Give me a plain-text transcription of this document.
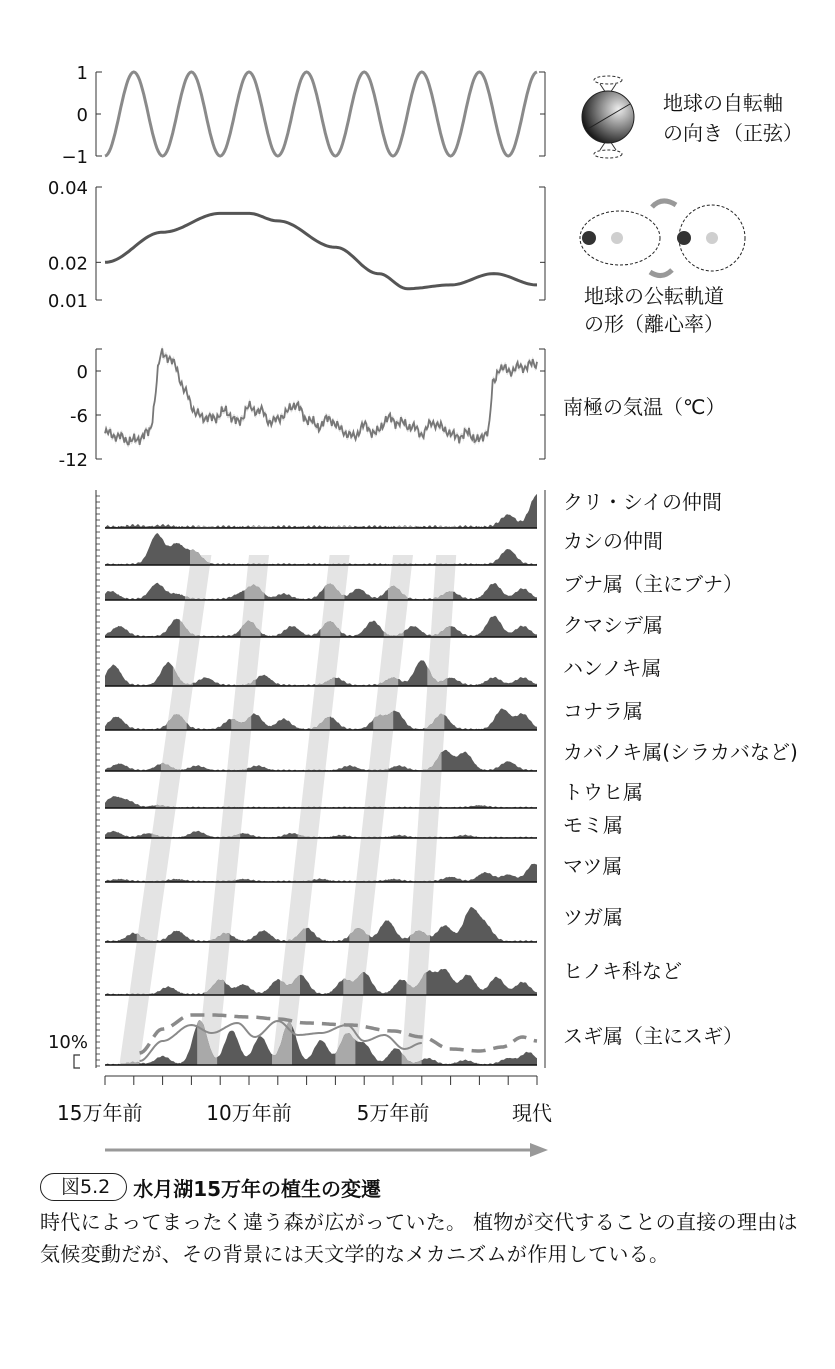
1
0
−1
地球の自転軸
の向き（正弦）
0.04
0.02
0.01	地球の公転軌道
の形（離心率）
0
-6
-12
南極の気温（℃）
10%
クリ・シイの仲間
カシの仲間
ブナ属（主にブナ）
クマシデ属
ハンノキ属
コナラ属
カバノキ属(シラカバなど)
トウヒ属
モミ属
マツ属
ツガ属
ヒノキ科など
スギ属（主にスギ）
15万年前	10万年前	5万年前	現代
図5.2	水月湖15万年の植生の変遷
時代によってまったく違う森が広がっていた。 植物が交代することの直接の理由は気候変動だが、その背景には天文学的なメカニズムが作用している。
